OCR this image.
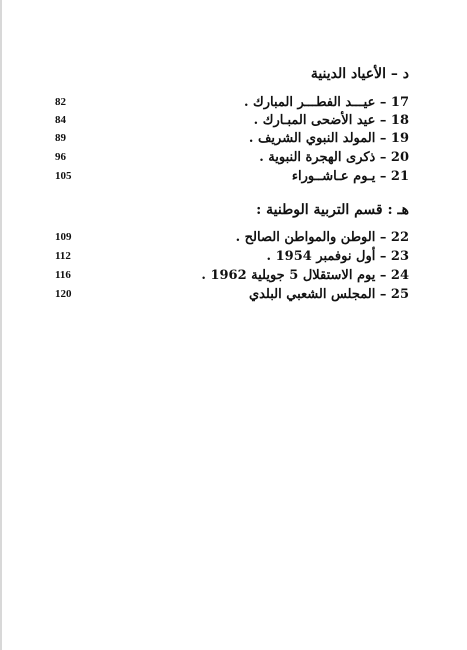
د – الأعياد الدينية
17 – عيـــد الفطـــر المبارك .
82
18 – عيد الأضحى المبـارك .
84
19 – المولد النبوي الشريف .
89
20 – ذكرى الهجرة النبوية .
96
21 – يـوم عـاشــوراء
105
هـ : قسم التربية الوطنية :
22 – الوطن والمواطن الصالح .
109
23 – أول نوفمبر 1954 .
112
24 – يوم الاستقلال 5 جويلية 1962 .
116
25 – المجلس الشعبي البلدي
120
